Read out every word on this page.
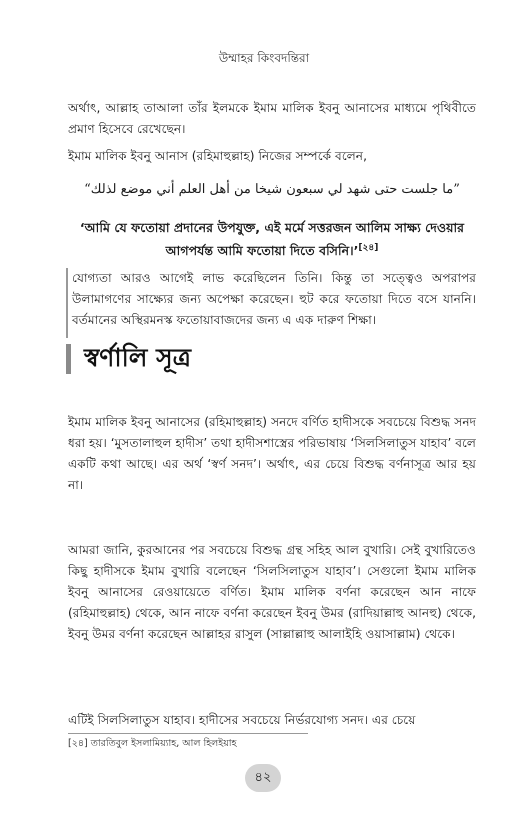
উম্মাহর কিংবদন্তিরা
অর্থাৎ, আল্লাহ তাআলা তাঁর ইলমকে ইমাম মালিক ইবনু আনাসের মাধ্যমে পৃথিবীতে প্রমাণ হিসেবে রেখেছেন।
ইমাম মালিক ইবনু আনাস (রহিমাহুল্লাহ) নিজের সম্পর্কে বলেন,
”ما جلست حتى شهد لي سبعون شيخا من أهل العلم أني موضع لذلك“
‘আমি যে ফতোয়া প্রদানের উপযুক্ত, এই মর্মে সত্তরজন আলিম সাক্ষ্য দেওয়ার আগপর্যন্ত আমি ফতোয়া দিতে বসিনি।’[২৪]
যোগ্যতা আরও আগেই লাভ করেছিলেন তিনি। কিন্তু তা সত্ত্বেও অপরাপর উলামাগণের সাক্ষ্যের জন্য অপেক্ষা করেছেন। হুট করে ফতোয়া দিতে বসে যাননি। বর্তমানের অস্থিরমনস্ক ফতোয়াবাজদের জন্য এ এক দারুণ শিক্ষা।
স্বর্ণালি সূত্র
ইমাম মালিক ইবনু আনাসের (রহিমাহুল্লাহ) সনদে বর্ণিত হাদীসকে সবচেয়ে বিশুদ্ধ সনদ ধরা হয়। ‘মুসতালাহুল হাদীস’ তথা হাদীসশাস্ত্রের পরিভাষায় ‘সিলসিলাতুস যাহাব’ বলে একটি কথা আছে। এর অর্থ ‘স্বর্ণ সনদ’। অর্থাৎ, এর চেয়ে বিশুদ্ধ বর্ণনাসূত্র আর হয় না।
আমরা জানি, কুরআনের পর সবচেয়ে বিশুদ্ধ গ্রন্থ সহিহ আল বুখারি। সেই বুখারিতেও কিছু হাদীসকে ইমাম বুখারি বলেছেন ‘সিলসিলাতুস যাহাব’। সেগুলো ইমাম মালিক ইবনু আনাসের রেওয়ায়েতে বর্ণিত। ইমাম মালিক বর্ণনা করেছেন আন নাফে (রহিমাহুল্লাহ) থেকে, আন নাফে বর্ণনা করেছেন ইবনু উমর (রাদিয়াল্লাহু আনহু) থেকে, ইবনু উমর বর্ণনা করেছেন আল্লাহর রাসুল (সাল্লাল্লাহু আলাইহি ওয়াসাল্লাম) থেকে।
এটিই সিলসিলাতুস যাহাব। হাদীসের সবচেয়ে নির্ভরযোগ্য সনদ। এর চেয়ে
[২৪] তারতিবুল ইসলামিয়্যাহ, আল হিলইয়াহ
৪২
